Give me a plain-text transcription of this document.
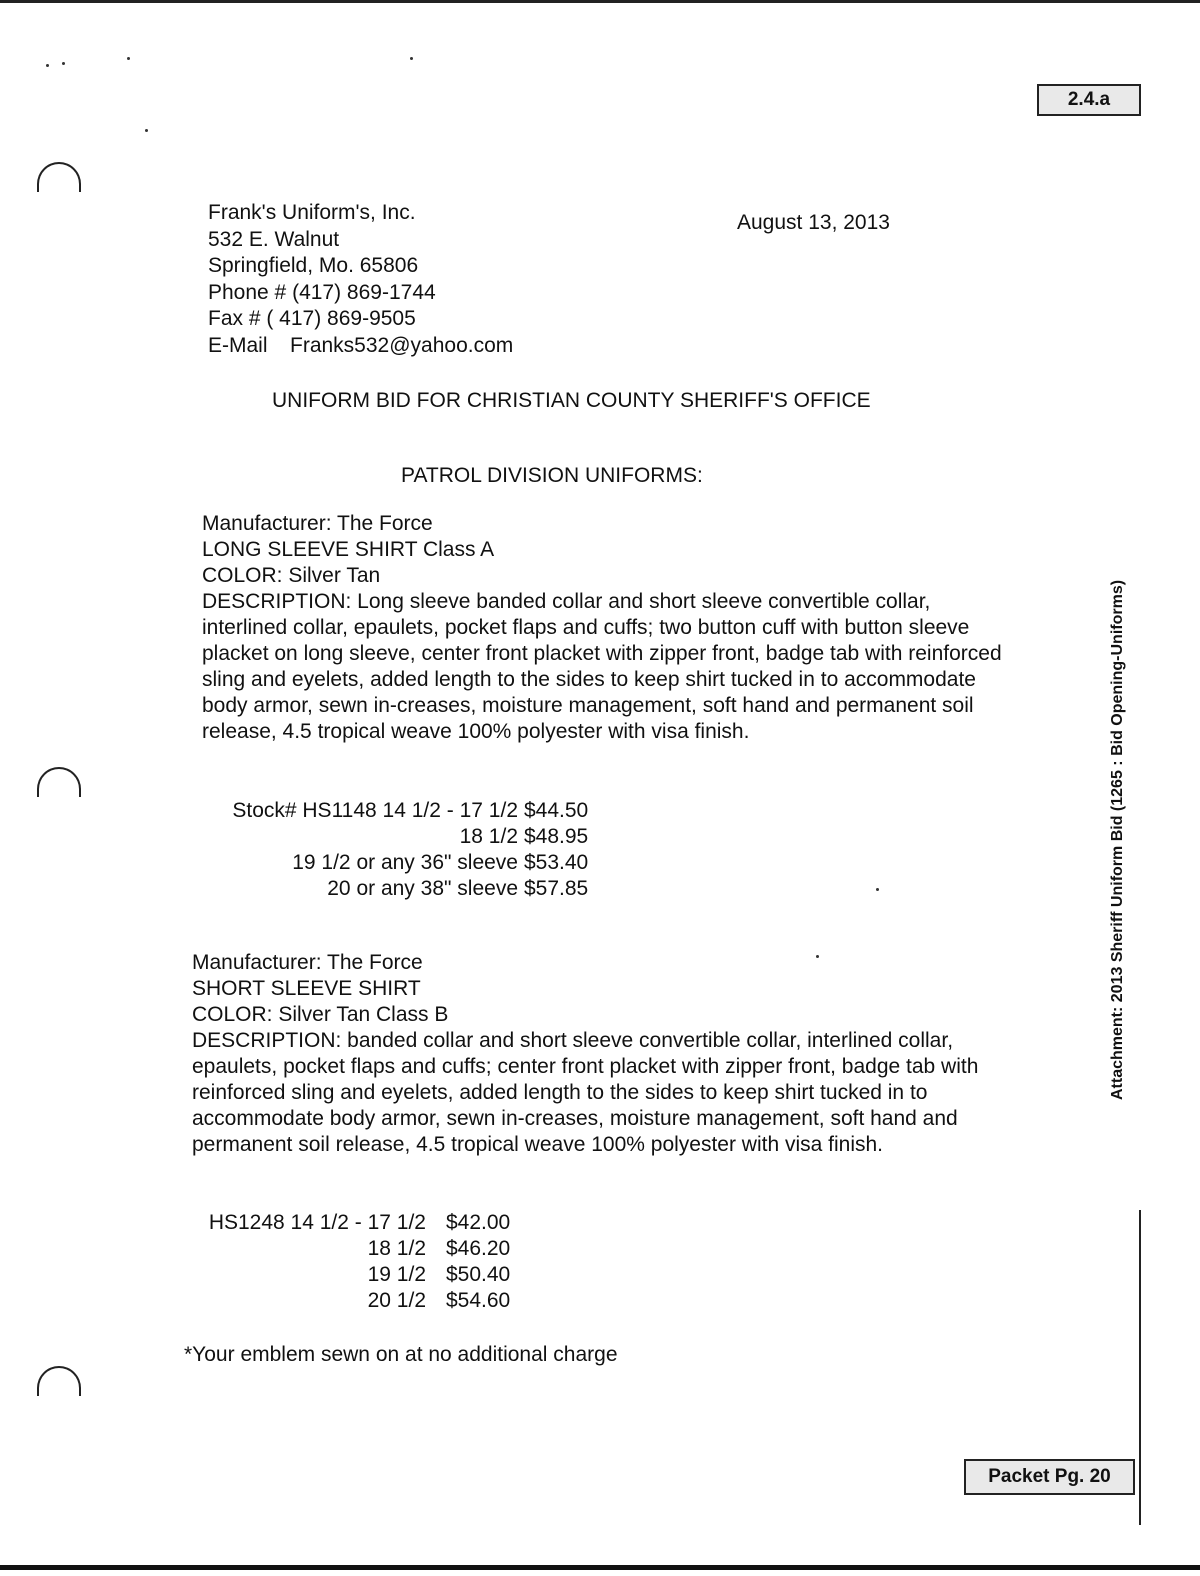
2.4.a
Frank's Uniform's, Inc.
532 E. Walnut
Springfield, Mo. 65806
Phone # (417) 869-1744
Fax # ( 417) 869-9505
E-Mail Franks532@yahoo.com
August 13, 2013
UNIFORM BID FOR CHRISTIAN COUNTY SHERIFF'S OFFICE
PATROL DIVISION UNIFORMS:
Manufacturer: The Force
LONG SLEEVE SHIRT Class A
COLOR: Silver Tan

DESCRIPTION: Long sleeve banded collar and short sleeve convertible collar, interlined collar, epaulets, pocket flaps and cuffs; two button cuff with button sleeve placket on long sleeve, center front placket with zipper front, badge tab with reinforced sling and eyelets, added length to the sides to keep shirt tucked in to accommodate body armor, sewn in-creases, moisture management, soft hand and permanent soil release, 4.5 tropical weave 100% polyester with visa finish.

Stock# HS1148 14 1/2 - 17 1/2 $44.50
18 1/2 $48.95
19 1/2 or any 36" sleeve $53.40
20 or any 38" sleeve $57.85
Manufacturer: The Force
SHORT SLEEVE SHIRT
COLOR: Silver Tan Class B

DESCRIPTION: banded collar and short sleeve convertible collar, interlined collar, epaulets, pocket flaps and cuffs; center front placket with zipper front, badge tab with reinforced sling and eyelets, added length to the sides to keep shirt tucked in to accommodate body armor, sewn in-creases, moisture management, soft hand and permanent soil release, 4.5 tropical weave 100% polyester with visa finish.

HS1248 14 1/2 - 17 1/2 $42.00
18 1/2 $46.20
19 1/2 $50.40
20 1/2 $54.60
*Your emblem sewn on at no additional charge
Attachment: 2013 Sheriff Uniform Bid (1265 : Bid Opening-Uniforms)
Packet Pg. 20
